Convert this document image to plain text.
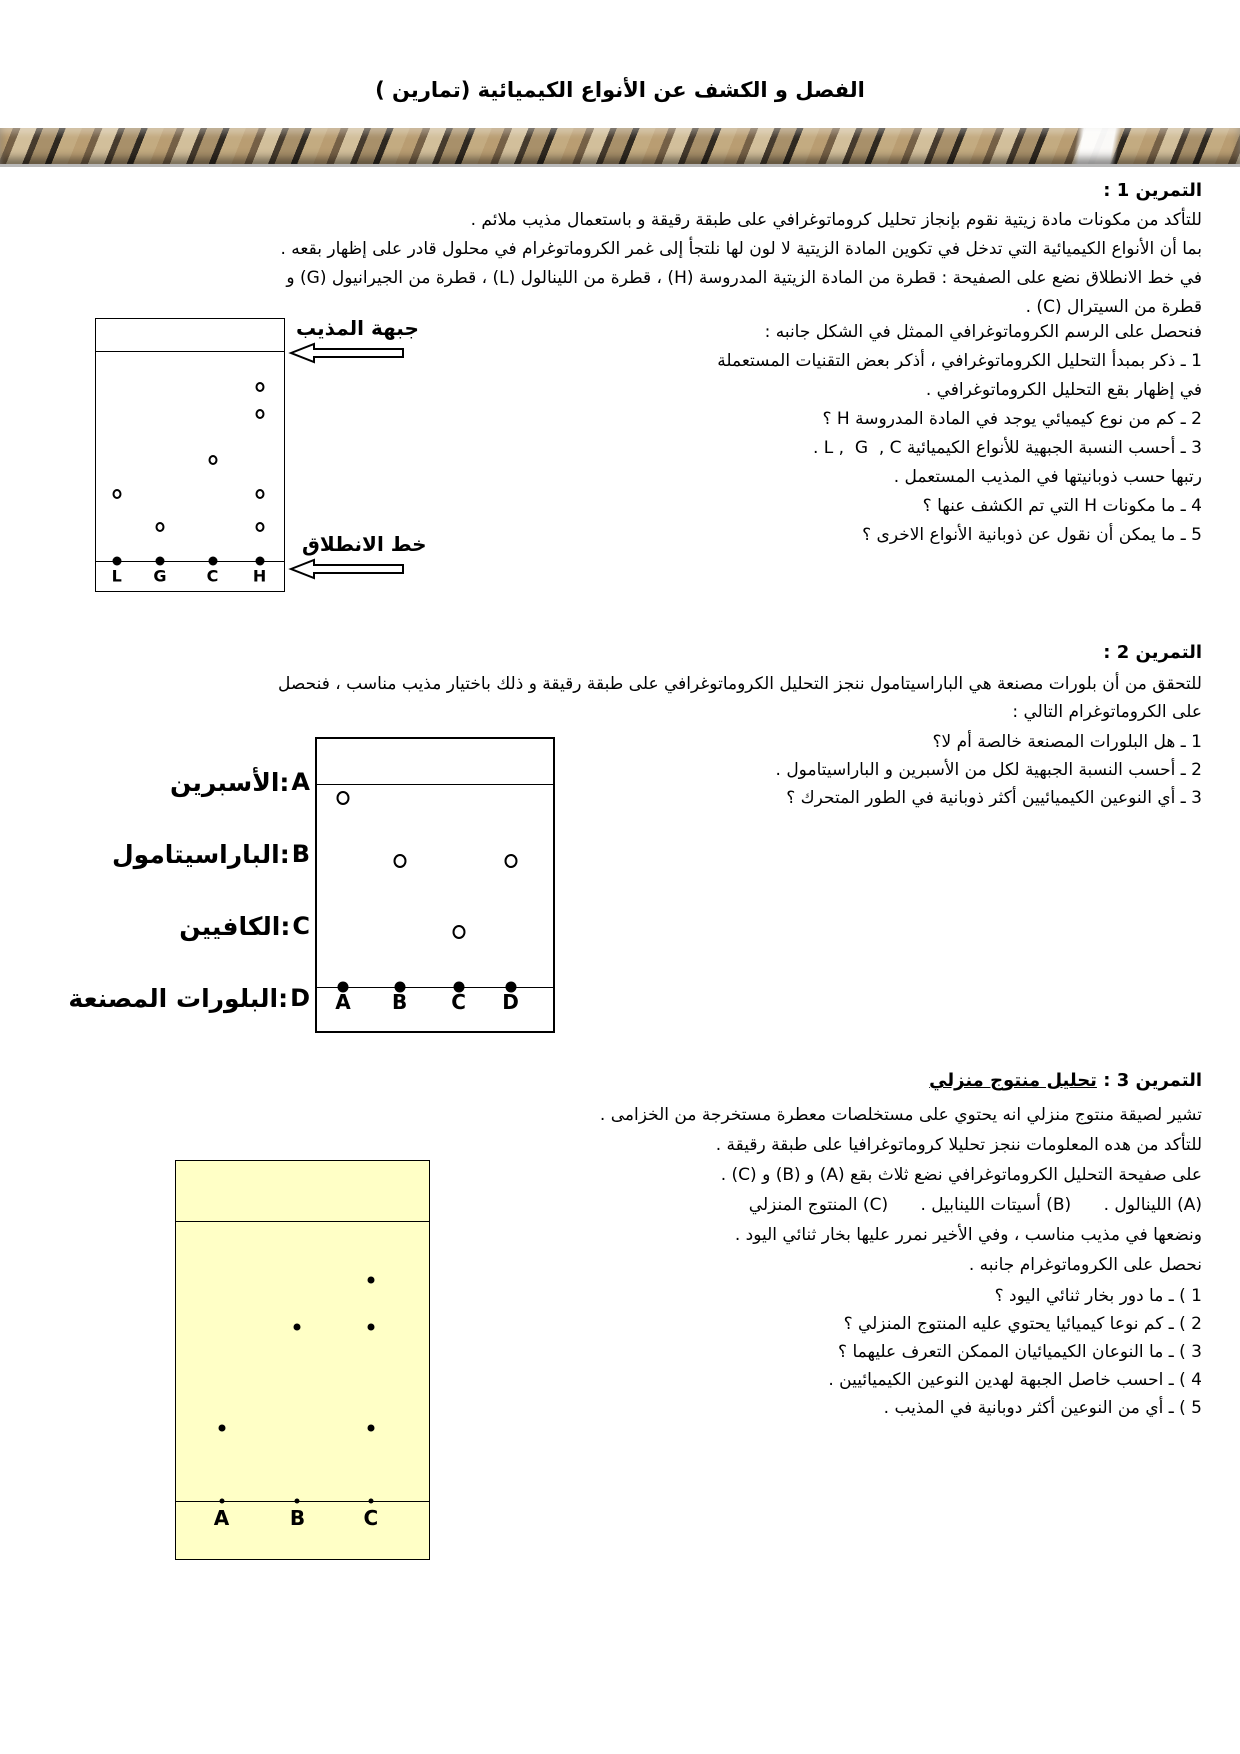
الفصل و الكشف عن الأنواع الكيميائية (تمارين )
التمرين 1 :
للتأكد من مكونات مادة زيتية نقوم بإنجاز تحليل كروماتوغرافي على طبقة رقيقة و باستعمال مذيب ملائم .
بما أن الأنواع الكيميائية التي تدخل في تكوين المادة الزيتية لا لون لها نلتجأ إلى غمر الكروماتوغرام في محلول قادر على إظهار بقعه .
في خط الانطلاق نضع على الصفيحة : قطرة من المادة الزيتية المدروسة (H) ، قطرة من اللينالول (L) ، قطرة من الجيرانيول (G) و
قطرة من السيترال (C) .
فنحصل على الرسم الكروماتوغرافي الممثل في الشكل جانبه :
1 ـ ذكر بمبدأ التحليل الكروماتوغرافي ، أذكر بعض التقنيات المستعملة
في إظهار بقع التحليل الكروماتوغرافي .
2 ـ كم من نوع كيميائي يوجد في المادة المدروسة H ؟
3 ـ أحسب النسبة الجبهية للأنواع الكيميائية L ,  G  , C .
رتبها حسب ذوبانيتها في المذيب المستعمل .
4 ـ ما مكونات H التي تم الكشف عنها ؟
5 ـ ما يمكن أن نقول عن ذوبانية الأنواع الاخرى ؟
L G	C H
جبهة المذيب
خط الانطلاق
التمرين 2 :
للتحقق من أن بلورات مصنعة هي الباراسيتامول ننجز التحليل الكروماتوغرافي على طبقة رقيقة و ذلك باختيار مذيب مناسب ، فنحصل
على الكروماتوغرام التالي :
1 ـ هل البلورات المصنعة خالصة أم لا؟
2 ـ أحسب النسبة الجبهية لكل من الأسبرين و الباراسيتامول .
3 ـ أي النوعين الكيميائيين أكثر ذوبانية في الطور المتحرك ؟
الأسبرين : A
الباراسيتامول : B
الكافيين : C
البلورات المصنعة : D A B C D
التمرين 3 : تحليل منتوج منزلي
تشير لصيقة منتوج منزلي انه يحتوي على مستخلصات معطرة مستخرجة من الخزامى .
للتأكد من هده المعلومات ننجز تحليلا كروماتوغرافيا على طبقة رقيقة .
على صفيحة التحليل الكروماتوغرافي نضع ثلاث بقع (A) و (B) و (C) .
(A) اللينالول .      (B) أسيتات اللينابيل .      (C) المنتوج المنزلي
ونضعها في مذيب مناسب ، وفي الأخير نمرر عليها بخار ثنائي اليود .
نحصل على الكروماتوغرام جانبه .
1 ) ـ ما دور بخار ثنائي اليود ؟
2 ) ـ كم نوعا كيميائيا يحتوي عليه المنتوج المنزلي ؟
3 ) ـ ما النوعان الكيميائيان الممكن التعرف عليهما ؟
4 ) ـ احسب خاصل الجبهة لهدين النوعين الكيميائيين .
5 ) ـ أي من النوعين أكثر دوبانية في المذيب .
A	B	C
